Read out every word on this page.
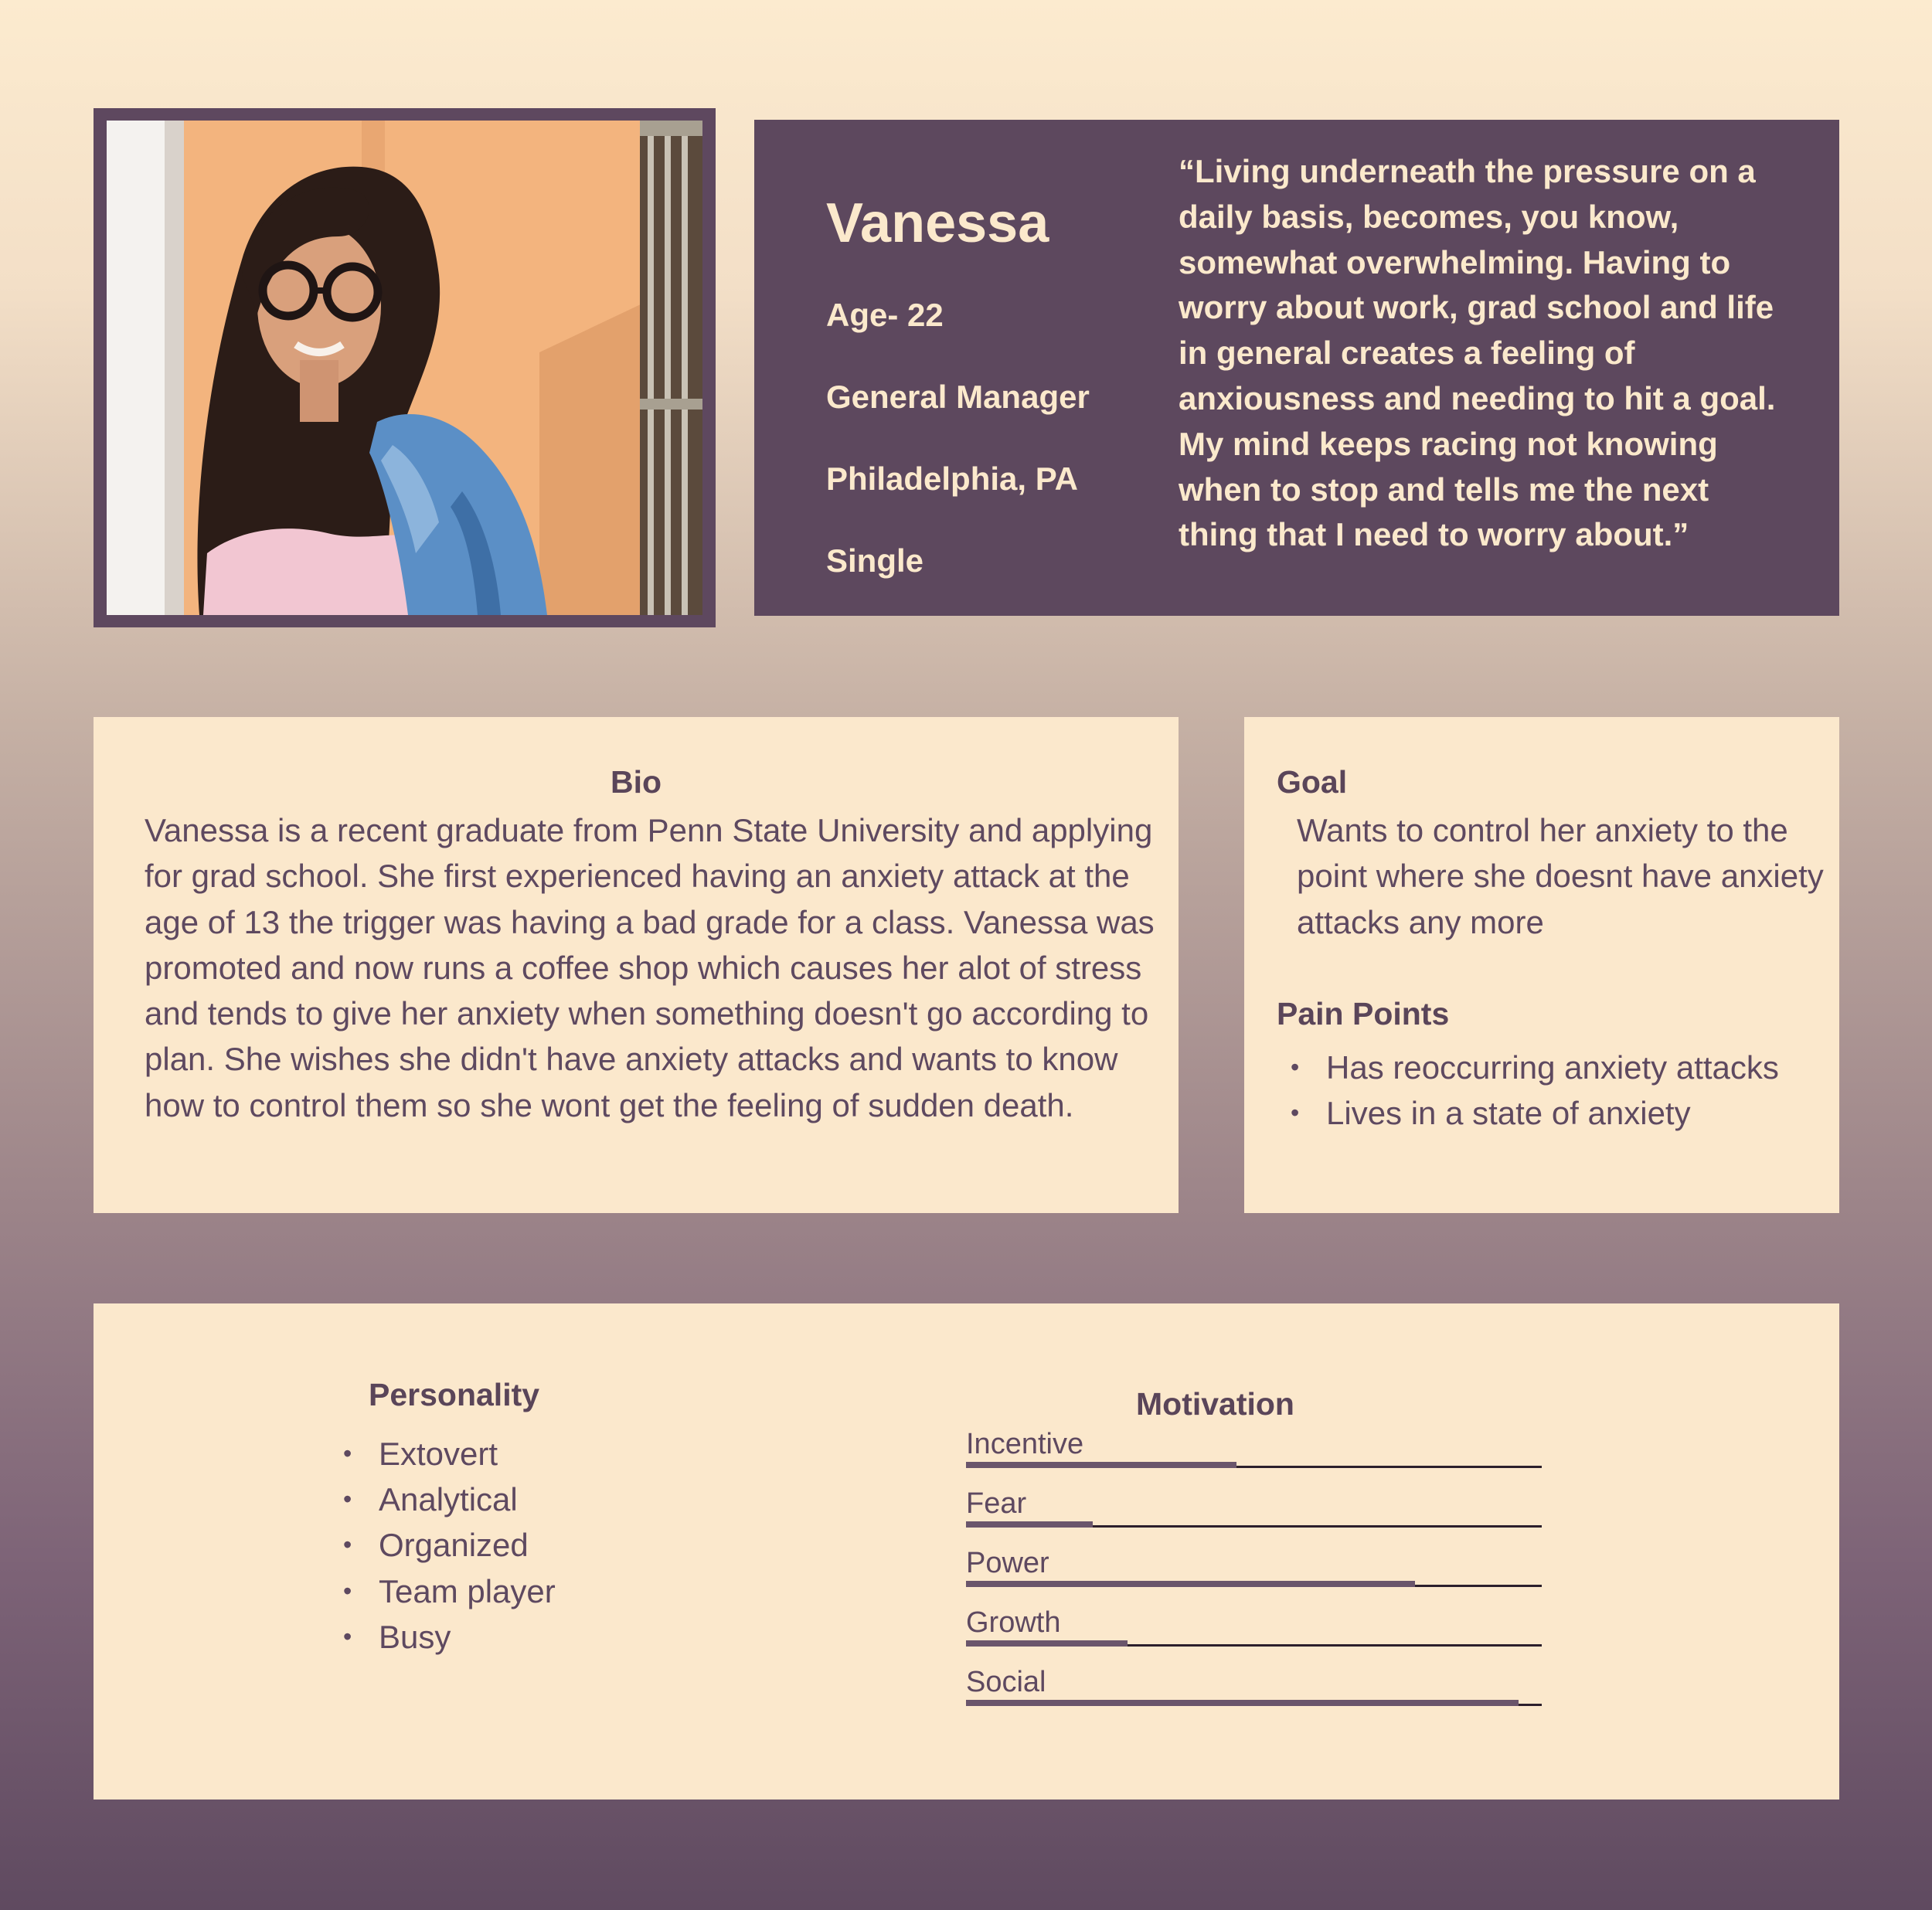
Vanessa
Age- 22
General Manager
Philadelphia, PA
Single
“Living underneath the pressure on a
daily basis, becomes, you know,
somewhat overwhelming. Having to
worry about work, grad school and life
in general creates a feeling of
anxiousness and needing to hit a goal.
My mind keeps racing not knowing
when to stop and tells me the next
thing that I need to worry about.”
Bio
Vanessa is a recent graduate from Penn State University and applying for grad school. She first experienced having an anxiety attack at the age of 13 the trigger was having a bad grade for a class. Vanessa was promoted and now runs a coffee shop which causes her alot of stress and tends to give her anxiety when something doesn't go according to plan. She wishes she didn't have anxiety attacks and wants to know how to control them so she wont get the feeling of sudden death.
Goal
Wants to control her anxiety to the point where she doesnt have anxiety attacks any more
Pain Points
• Has reoccurring anxiety attacks
• Lives in a state of anxiety
Personality
• Extovert
• Analytical
• Organized
• Team player
• Busy
Motivation
Incentive
Fear
Power
Growth
Social
